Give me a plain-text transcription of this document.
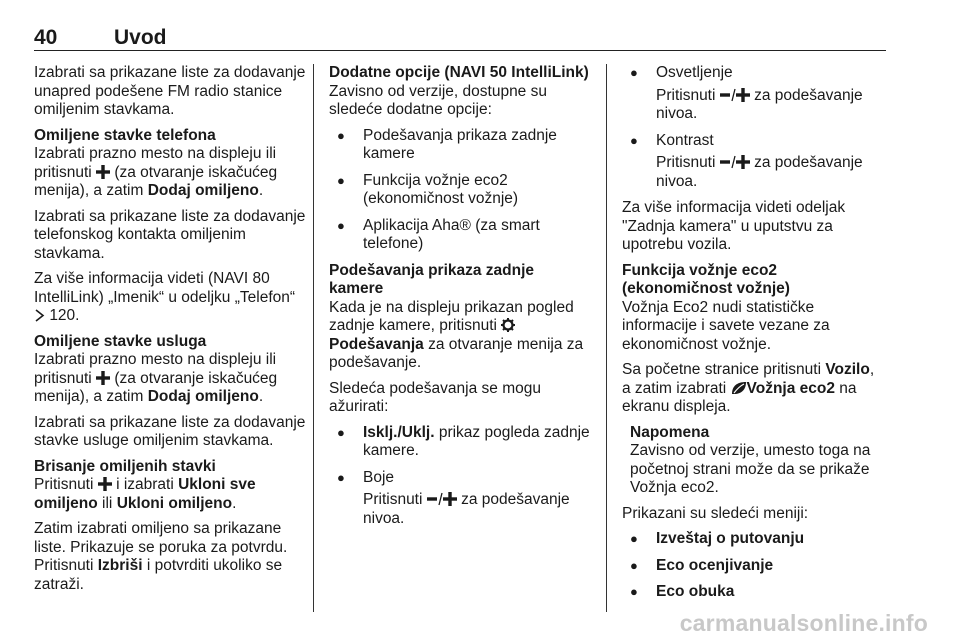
40	Uvod

Izabrati sa prikazane liste za dodavanje unapred podešene FM radio stanice omiljenim stavkama.

Omiljene stavke telefona

Izabrati prazno mesto na displeju ili pritisnuti (za otvaranje iskačućeg menija), a zatim Dodaj omiljeno.

Izabrati sa prikazane liste za dodavanje telefonskog kontakta omiljenim stavkama.

Za više informacija videti (NAVI 80 IntelliLink) „Imenik“ u odeljku „Telefon“  120.

Omiljene stavke usluga

Izabrati prazno mesto na displeju ili pritisnuti (za otvaranje iskačućeg menija), a zatim Dodaj omiljeno.

Izabrati sa prikazane liste za dodavanje stavke usluge omiljenim stavkama.

Brisanje omiljenih stavki

Pritisnuti i izabrati Ukloni sve omiljeno ili Ukloni omiljeno.

Zatim izabrati omiljeno sa prikazane liste. Prikazuje se poruka za potvrdu. Pritisnuti Izbriši i potvrditi ukoliko se zatraži.

Dodatne opcije (NAVI 50 IntelliLink)

Zavisno od verzije, dostupne su sledeće dodatne opcije:

● Podešavanja prikaza zadnje kamere
● Funkcija vožnje eco2 (ekonomičnost vožnje)
● Aplikacija Aha® (za smart telefone)
Podešavanja prikaza zadnje kamere

Kada je na displeju prikazan pogled zadnje kamere, pritisnuti Podešavanja za otvaranje menija za podešavanje.

Sledeća podešavanja se mogu ažurirati:

● Isklj./Uklj. prikaz pogleda zadnje kamere.
● Boje

Pritisnuti za podešavanje nivoa.

● Osvetljenje

Pritisnuti za podešavanje nivoa.

● Kontrast

Pritisnuti za podešavanje nivoa.

Za više informacija videti odeljak "Zadnja kamera" u uputstvu za upotrebu vozila.

Funkcija vožnje eco2 (ekonomičnost vožnje)

Vožnja Eco2 nudi statističke informacije i savete vezane za ekonomičnost vožnje.

Sa početne stranice pritisnuti Vozilo, a zatim izabrati Vožnja eco2 na ekranu displeja.

Napomena
Zavisno od verzije, umesto toga na početnoj strani može da se prikaže Vožnja eco2.

Prikazani su sledeći meniji:

● Izveštaj o putovanju
● Eco ocenjivanje
● Eco obuka
carmanualsonline.info
